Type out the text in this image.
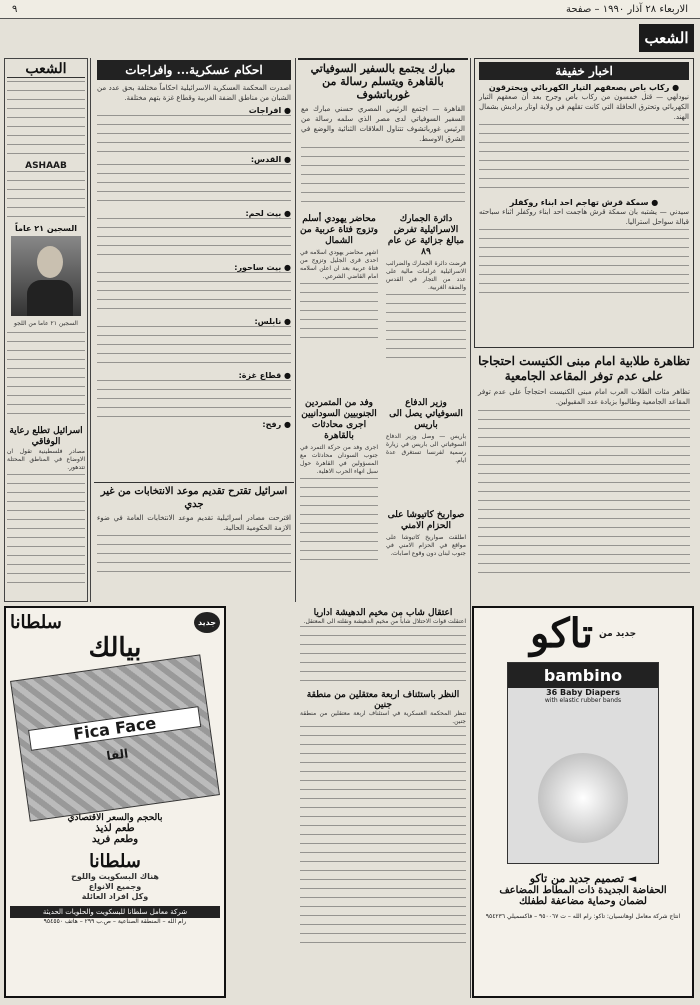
الاربعاء ٢٨ آذار ١٩٩٠ – صفحة
٩
الشعب
اخبار خفيفة
● ركاب باص يصعقهم التيار الكهربائي ويحترقون
نيودلهي — قتل خمسون من ركاب باص وجرح بعد أن صعقهم التيار الكهربائي وتحترق الحافلة التي كانت تقلهم في ولاية اوتار براديش بشمال الهند.
● سمكة قرش تهاجم احد ابناء روكفلر
سيدني — يشتبه بان سمكة قرش هاجمت احد ابناء روكفلر اثناء سباحته قبالة سواحل استراليا.
تظاهرة طلابية امام مبنى الكنيست احتجاجا على عدم توفر المقاعد الجامعية
تظاهر مئات الطلاب العرب امام مبنى الكنيست احتجاجاً على عدم توفر المقاعد الجامعية وطالبوا بزيادة عدد المقبولين.
مبارك يجتمع بالسفير السوفياتي بالقاهرة ويتسلم رسالة من غورباتشوف
القاهرة — اجتمع الرئيس المصري حسني مبارك مع السفير السوفياتي لدى مصر الذي سلمه رسالة من الرئيس غورباتشوف تتناول العلاقات الثنائية والوضع في الشرق الاوسط.
دائرة الجمارك الاسرائيلية تفرض مبالغ جزائية عن عام ٨٩
فرضت دائرة الجمارك والضرائب الاسرائيلية غرامات مالية على عدد من التجار في القدس والضفة الغربية.
وزير الدفاع السوفياتي يصل الى باريس
باريس — وصل وزير الدفاع السوفياتي الى باريس في زيارة رسمية لفرنسا تستغرق عدة ايام.
صواريخ كاتيوشا على الحزام الامني
اطلقت صواريخ كاتيوشا على مواقع في الحزام الامني في جنوب لبنان دون وقوع اصابات.
محاضر يهودي أسلم وتزوج فتاة عربية من الشمال
اشهر محاضر يهودي اسلامه في احدى قرى الجليل وتزوج من فتاة عربية بعد ان اعلن اسلامه امام القاضي الشرعي.
وفد من المتمردين الجنوبيين السودانيين اجرى محادثات بالقاهرة
اجرى وفد من حركة التمرد في جنوب السودان محادثات مع المسؤولين في القاهرة حول سبل انهاء الحرب الاهلية.
احكام عسكرية... وافراجات
اصدرت المحكمة العسكرية الاسرائيلية احكاماً مختلفة بحق عدد من الشبان من مناطق الضفة الغربية وقطاع غزة بتهم مختلفة.
● افراجات
● القدس:
● بيت لحم:
● بيت ساحور:
● نابلس:
● قطاع غزة:
● رفح:
اسرائيل تقترح تقديم موعد الانتخابات من غير جدي
اقترحت مصادر اسرائيلية تقديم موعد الانتخابات العامة في ضوء الازمة الحكومية الحالية.
الشعب
ASHAAB
السجين ٢١ عاماً
السجين ٢١ عاما من اللجو
اسرائيل تطلع رعاية الوفاقي
مصادر فلسطينية تقول ان الاوضاع في المناطق المحتلة تتدهور.
اعتقال شاب من مخيم الدهيشة اداريا
اعتقلت قوات الاحتلال شاباً من مخيم الدهيشة ونقلته الى المعتقل.
النظر باستئناف اربعة معتقلين من منطقة جنين
تنظر المحكمة العسكرية في استئناف اربعة معتقلين من منطقة جنين.
جديد من
تاكو
bambino
36 Baby Diapers
with elastic rubber bands
◄ تصميم جديد من تاكو
الحفاضة الجديدة ذات المطاط المضاعف
لضمان وحماية مضاعفة لطفلك
انتاج شركة معامل اوهانسيان: تاكو: رام الله – ت ٩٥٠٠٦٧ – فاكسميلي ٩٥٤٢٣٦
جديد
سلطانا
بيالك
Fica Face
الفا
بالحجم والسعر الاقتصادي
طعم لذيذ
وطعم فريد
سلطانا
هناك البسكويت واللوح
وجميع الانواع
وكل افراد العائلة
شركة معامل سلطانا للبسكويت والحلويات الحديثة
رام الله – المنطقة الصناعية – ص.ب ٢٩٩ – هاتف ٩٥٤٥٥٠
